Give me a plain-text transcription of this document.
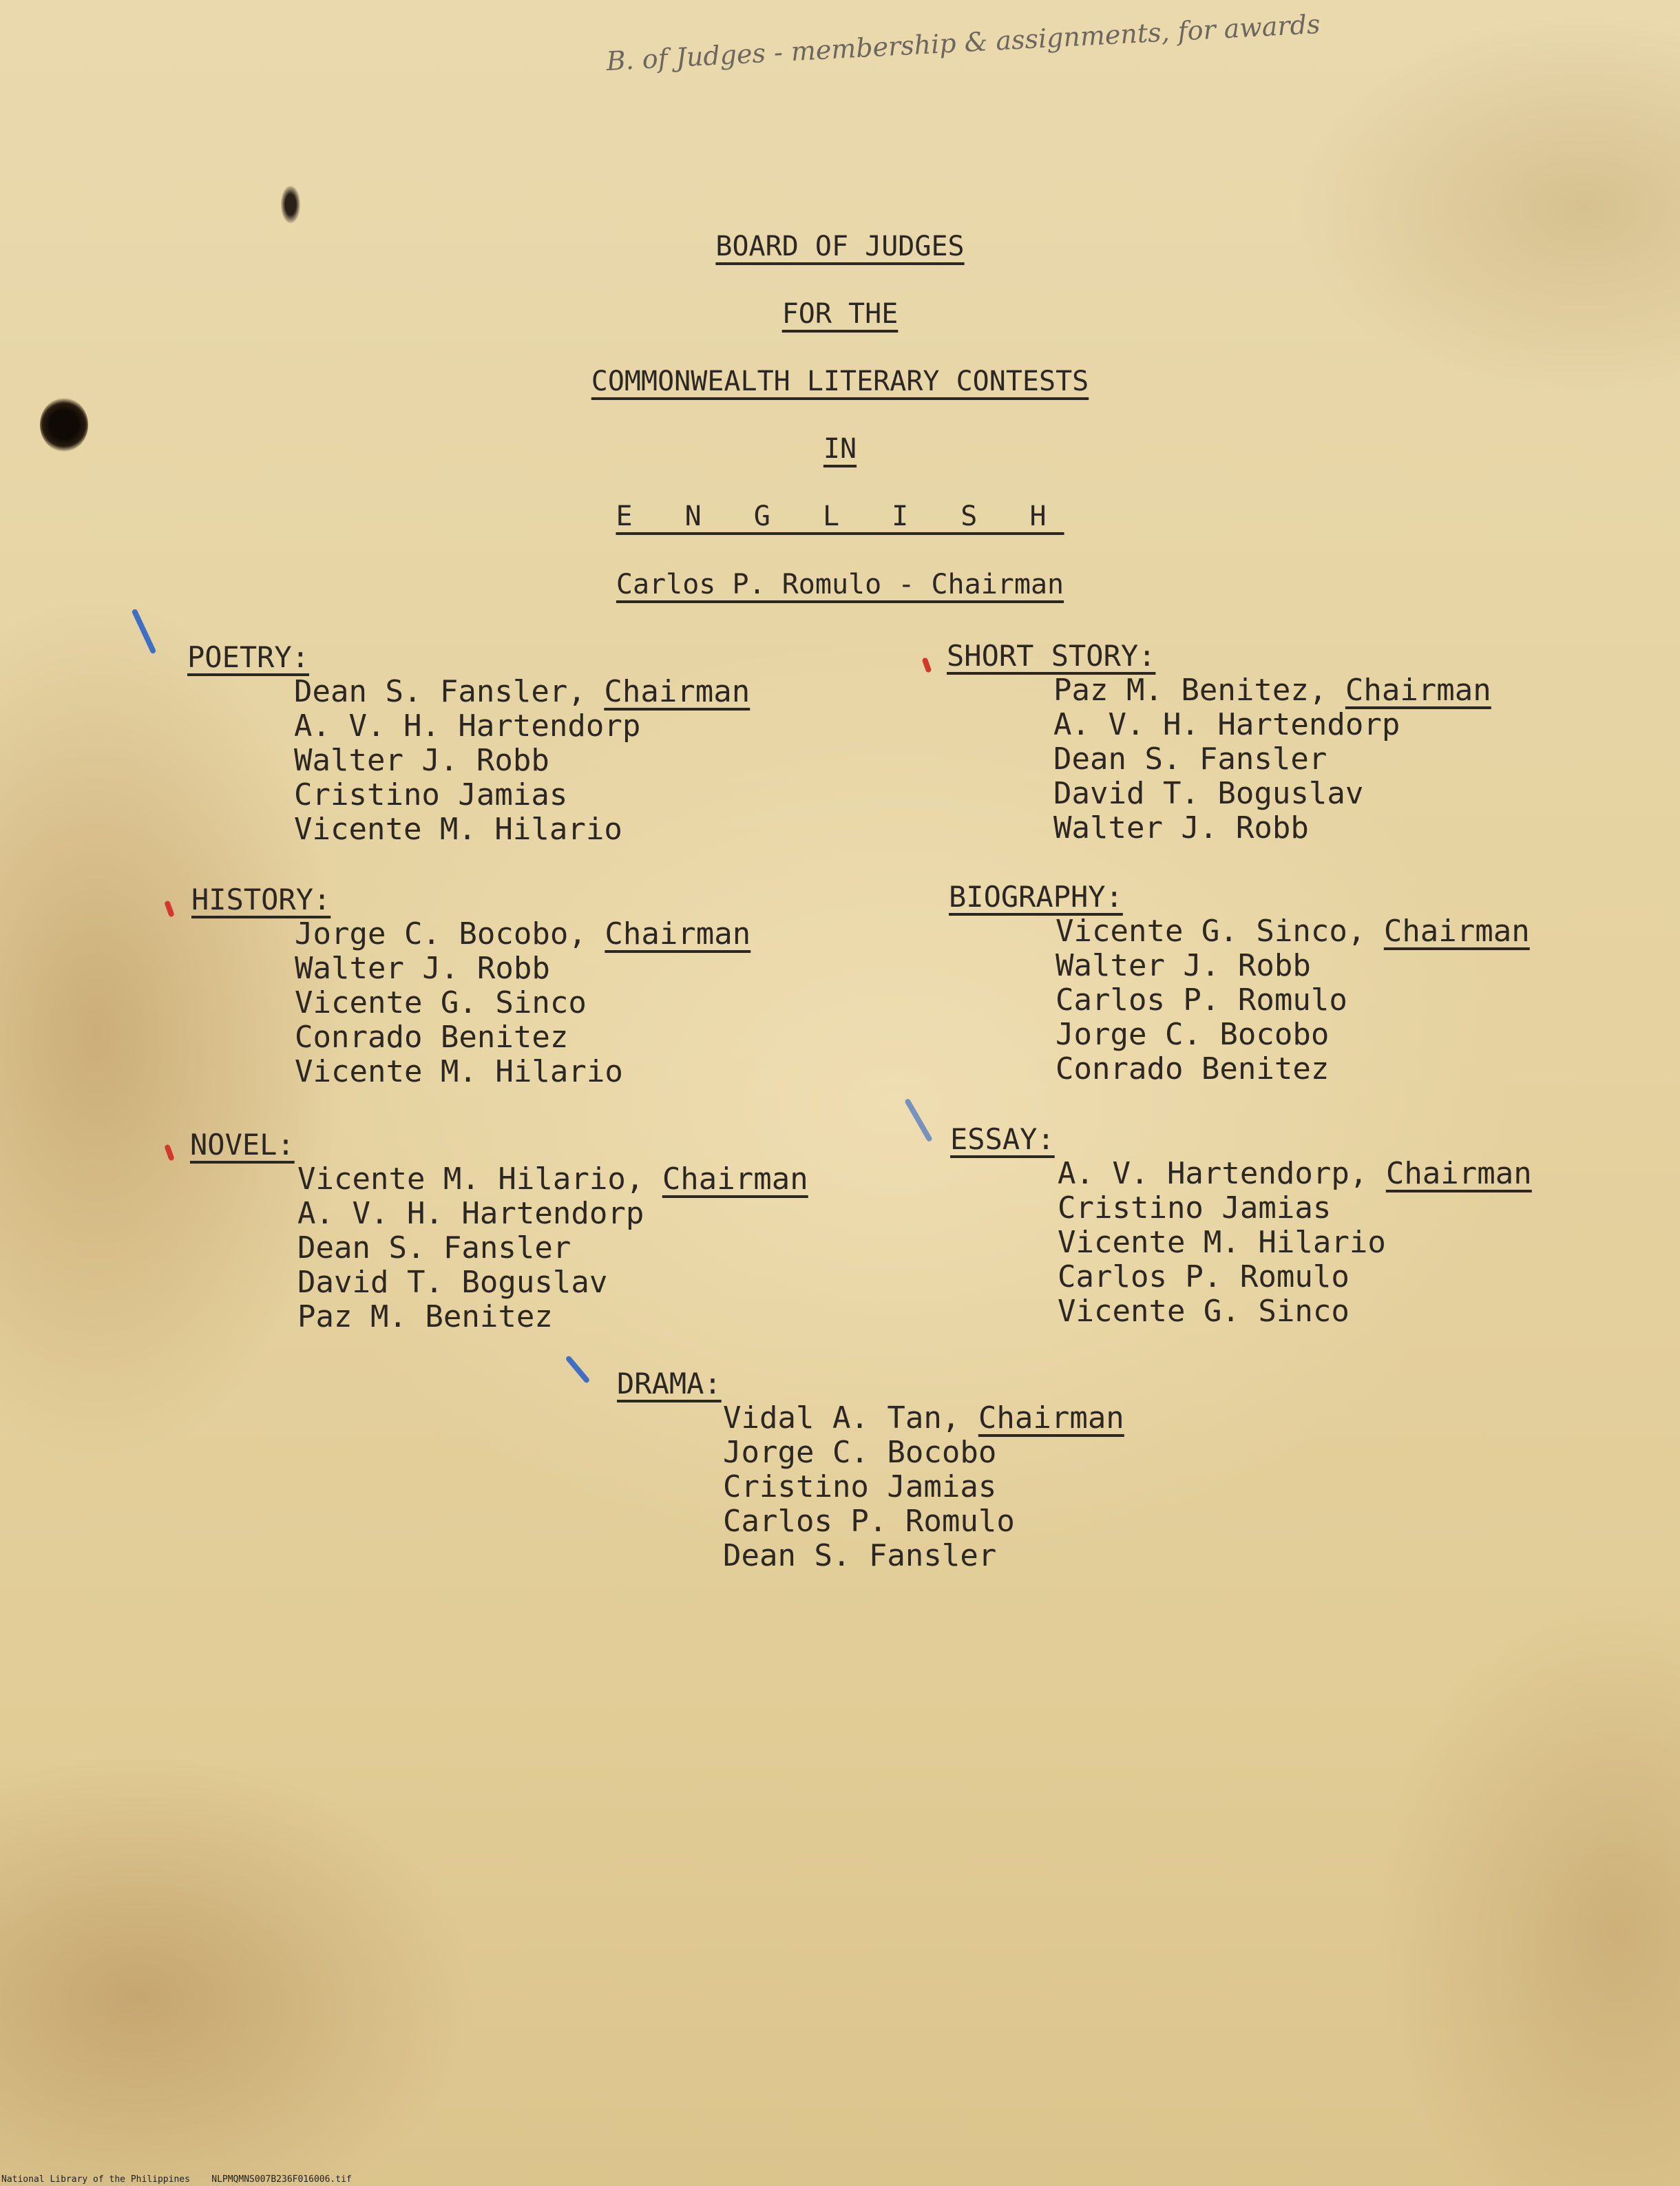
B. of Judges - membership & assignments, for awards

BOARD OF JUDGES

FOR THE

COMMONWEALTH LITERARY CONTESTS

IN

E N G L I S H

Carlos P. Romulo - Chairman

POETRY:

Dean S. Fansler, Chairman
A. V. H. Hartendorp
Walter J. Robb
Cristino Jamias
Vicente M. Hilario

SHORT STORY:

Paz M. Benitez, Chairman
A. V. H. Hartendorp
Dean S. Fansler
David T. Boguslav
Walter J. Robb

HISTORY:

Jorge C. Bocobo, Chairman
Walter J. Robb
Vicente G. Sinco
Conrado Benitez
Vicente M. Hilario

BIOGRAPHY:

Vicente G. Sinco, Chairman
Walter J. Robb
Carlos P. Romulo
Jorge C. Bocobo
Conrado Benitez

NOVEL:

Vicente M. Hilario, Chairman
A. V. H. Hartendorp
Dean S. Fansler
David T. Boguslav
Paz M. Benitez

ESSAY:

A. V. Hartendorp, Chairman
Cristino Jamias
Vicente M. Hilario
Carlos P. Romulo
Vicente G. Sinco

DRAMA:

Vidal A. Tan, Chairman
Jorge C. Bocobo
Cristino Jamias
Carlos P. Romulo
Dean S. Fansler

National Library of the Philippines    NLPMQMNS007B236F016006.tif
